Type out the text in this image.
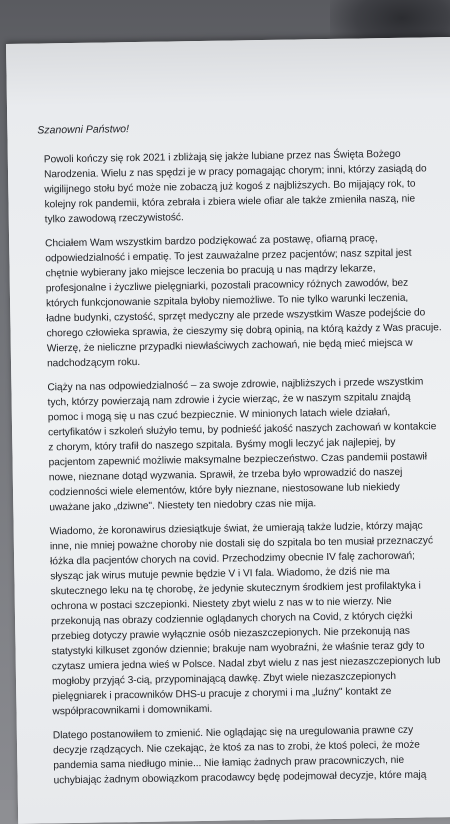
Szanowni Państwo!
Powoli kończy się rok 2021 i zbliżają się jakże lubiane przez nas Święta Bożego
Narodzenia. Wielu z nas spędzi je w pracy pomagając chorym; inni, którzy zasiądą do
wigilijnego stołu być może nie zobaczą już kogoś z najbliższych. Bo mijający rok, to
kolejny rok pandemii, która zebrała i zbiera wiele ofiar ale także zmieniła naszą, nie
tylko zawodową rzeczywistość.
Chciałem Wam wszystkim bardzo podziękować za postawę, ofiarną pracę,
odpowiedzialność i empatię. To jest zauważalne przez pacjentów; nasz szpital jest
chętnie wybierany jako miejsce leczenia bo pracują u nas mądrzy lekarze,
profesjonalne i życzliwe pielęgniarki, pozostali pracownicy różnych zawodów, bez
których funkcjonowanie szpitala byłoby niemożliwe. To nie tylko warunki leczenia,
ładne budynki, czystość, sprzęt medyczny ale przede wszystkim Wasze podejście do
chorego człowieka sprawia, że cieszymy się dobrą opinią, na którą każdy z Was pracuje.
Wierzę, że nieliczne przypadki niewłaściwych zachowań, nie będą mieć miejsca w
nadchodzącym roku.
Ciąży na nas odpowiedzialność – za swoje zdrowie, najbliższych i przede wszystkim
tych, którzy powierzają nam zdrowie i życie wierząc, że w naszym szpitalu znajdą
pomoc i mogą się u nas czuć bezpiecznie. W minionych latach wiele działań,
certyfikatów i szkoleń służyło temu, by podnieść jakość naszych zachowań w kontakcie
z chorym, który trafił do naszego szpitala. Byśmy mogli leczyć jak najlepiej, by
pacjentom zapewnić możliwie maksymalne bezpieczeństwo. Czas pandemii postawił
nowe, nieznane dotąd wyzwania. Sprawił, że trzeba było wprowadzić do naszej
codzienności wiele elementów, które były nieznane, niestosowane lub niekiedy
uważane jako „dziwne". Niestety ten niedobry czas nie mija.
Wiadomo, że koronawirus dziesiątkuje świat, że umierają także ludzie, którzy mając
inne, nie mniej poważne choroby nie dostali się do szpitala bo ten musiał przeznaczyć
łóżka dla pacjentów chorych na covid. Przechodzimy obecnie IV falę zachorowań;
słysząc jak wirus mutuje pewnie będzie V i VI fala. Wiadomo, że dziś nie ma
skutecznego leku na tę chorobę, że jedynie skutecznym środkiem jest profilaktyka i
ochrona w postaci szczepionki. Niestety zbyt wielu z nas w to nie wierzy. Nie
przekonują nas obrazy codziennie oglądanych chorych na Covid, z których ciężki
przebieg dotyczy prawie wyłącznie osób niezaszczepionych. Nie przekonują nas
statystyki kilkuset zgonów dziennie; brakuje nam wyobraźni, że właśnie teraz gdy to
czytasz umiera jedna wieś w Polsce. Nadal zbyt wielu z nas jest niezaszczepionych lub
mogłoby przyjąć 3-cią, przypominającą dawkę. Zbyt wiele niezaszczepionych
pielęgniarek i pracowników DHS-u pracuje z chorymi i ma „luźny" kontakt ze
współpracownikami i domownikami.
Dlatego postanowiłem to zmienić. Nie oglądając się na uregulowania prawne czy
decyzje rządzących. Nie czekając, że ktoś za nas to zrobi, że ktoś poleci, że może
pandemia sama niedługo minie... Nie łamiąc żadnych praw pracowniczych, nie
uchybiając żadnym obowiązkom pracodawcy będę podejmował decyzje, które mają
